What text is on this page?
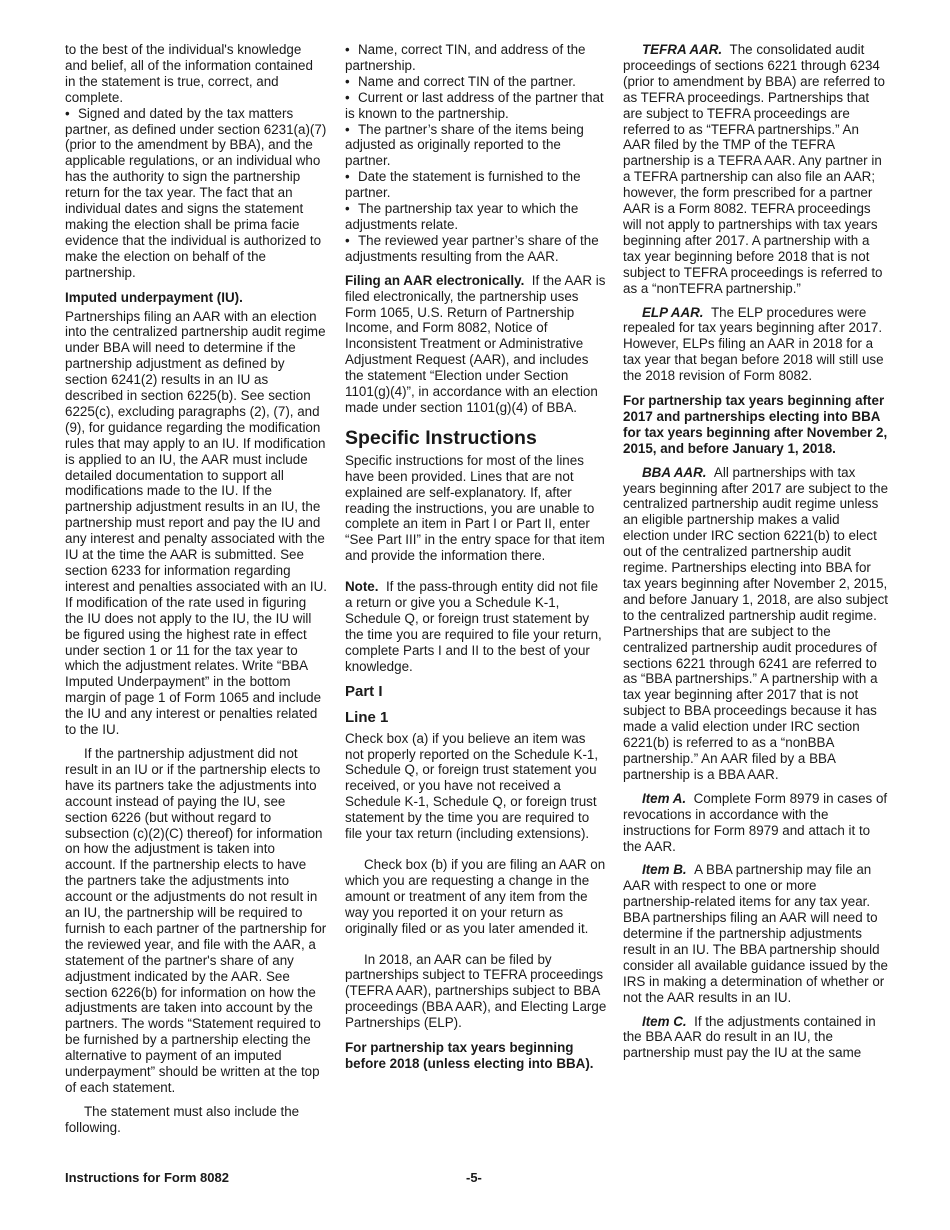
to the best of the individual's knowledge and belief, all of the information contained in the statement is true, correct, and complete.

• Signed and dated by the tax matters partner, as defined under section 6231(a)(7) (prior to the amendment by BBA), and the applicable regulations, or an individual who has the authority to sign the partnership return for the tax year. The fact that an individual dates and signs the statement making the election shall be prima facie evidence that the individual is authorized to make the election on behalf of the partnership.

Imputed underpayment (IU).

Partnerships filing an AAR with an election into the centralized partnership audit regime under BBA will need to determine if the partnership adjustment as defined by section 6241(2) results in an IU as described in section 6225(b). See section 6225(c), excluding paragraphs (2), (7), and (9), for guidance regarding the modification rules that may apply to an IU. If modification is applied to an IU, the AAR must include detailed documentation to support all modifications made to the IU. If the partnership adjustment results in an IU, the partnership must report and pay the IU and any interest and penalty associated with the IU at the time the AAR is submitted. See section 6233 for information regarding interest and penalties associated with an IU. If modification of the rate used in figuring the IU does not apply to the IU, the IU will be figured using the highest rate in effect under section 1 or 11 for the tax year to which the adjustment relates. Write “BBA Imputed Underpayment” in the bottom margin of page 1 of Form 1065 and include the IU and any interest or penalties related to the IU.

If the partnership adjustment did not result in an IU or if the partnership elects to have its partners take the adjustments into account instead of paying the IU, see section 6226 (but without regard to subsection (c)(2)(C) thereof) for information on how the adjustment is taken into account. If the partnership elects to have the partners take the adjustments into account or the adjustments do not result in an IU, the partnership will be required to furnish to each partner of the partnership for the reviewed year, and file with the AAR, a statement of the partner's share of any adjustment indicated by the AAR. See section 6226(b) for information on how the adjustments are taken into account by the partners. The words “Statement required to be furnished by a partnership electing the alternative to payment of an imputed underpayment” should be written at the top of each statement.

The statement must also include the following.

• Name, correct TIN, and address of the partnership.

• Name and correct TIN of the partner.

• Current or last address of the partner that is known to the partnership.

• The partner’s share of the items being adjusted as originally reported to the partner.

• Date the statement is furnished to the partner.

• The partnership tax year to which the adjustments relate.

• The reviewed year partner’s share of the adjustments resulting from the AAR.

Filing an AAR electronically. If the AAR is filed electronically, the partnership uses Form 1065, U.S. Return of Partnership Income, and Form 8082, Notice of Inconsistent Treatment or Administrative Adjustment Request (AAR), and includes the statement “Election under Section 1101(g)(4)”, in accordance with an election made under section 1101(g)(4) of BBA.

Specific Instructions

Specific instructions for most of the lines have been provided. Lines that are not explained are self-explanatory. If, after reading the instructions, you are unable to complete an item in Part I or Part II, enter “See Part III” in the entry space for that item and provide the information there.

Note. If the pass-through entity did not file a return or give you a Schedule K-1, Schedule Q, or foreign trust statement by the time you are required to file your return, complete Parts I and II to the best of your knowledge.

Part I
Line 1

Check box (a) if you believe an item was not properly reported on the Schedule K-1, Schedule Q, or foreign trust statement you received, or you have not received a Schedule K-1, Schedule Q, or foreign trust statement by the time you are required to file your tax return (including extensions).

Check box (b) if you are filing an AAR on which you are requesting a change in the amount or treatment of any item from the way you reported it on your return as originally filed or as you later amended it.

In 2018, an AAR can be filed by partnerships subject to TEFRA proceedings (TEFRA AAR), partnerships subject to BBA proceedings (BBA AAR), and Electing Large Partnerships (ELP).

For partnership tax years beginning before 2018 (unless electing into BBA).

TEFRA AAR. The consolidated audit proceedings of sections 6221 through 6234 (prior to amendment by BBA) are referred to as TEFRA proceedings. Partnerships that are subject to TEFRA proceedings are referred to as “TEFRA partnerships.” An AAR filed by the TMP of the TEFRA partnership is a TEFRA AAR. Any partner in a TEFRA partnership can also file an AAR; however, the form prescribed for a partner AAR is a Form 8082. TEFRA proceedings will not apply to partnerships with tax years beginning after 2017. A partnership with a tax year beginning before 2018 that is not subject to TEFRA proceedings is referred to as a “nonTEFRA partnership.”

ELP AAR. The ELP procedures were repealed for tax years beginning after 2017. However, ELPs filing an AAR in 2018 for a tax year that began before 2018 will still use the 2018 revision of Form 8082.

For partnership tax years beginning after 2017 and partnerships electing into BBA for tax years beginning after November 2, 2015, and before January 1, 2018.

BBA AAR. All partnerships with tax years beginning after 2017 are subject to the centralized partnership audit regime unless an eligible partnership makes a valid election under IRC section 6221(b) to elect out of the centralized partnership audit regime. Partnerships electing into BBA for tax years beginning after November 2, 2015, and before January 1, 2018, are also subject to the centralized partnership audit regime. Partnerships that are subject to the centralized partnership audit procedures of sections 6221 through 6241 are referred to as “BBA partnerships.” A partnership with a tax year beginning after 2017 that is not subject to BBA proceedings because it has made a valid election under IRC section 6221(b) is referred to as a “nonBBA partnership.” An AAR filed by a BBA partnership is a BBA AAR.

Item A. Complete Form 8979 in cases of revocations in accordance with the instructions for Form 8979 and attach it to the AAR.

Item B. A BBA partnership may file an AAR with respect to one or more partnership-related items for any tax year. BBA partnerships filing an AAR will need to determine if the partnership adjustments result in an IU. The BBA partnership should consider all available guidance issued by the IRS in making a determination of whether or not the AAR results in an IU.

Item C. If the adjustments contained in the BBA AAR do result in an IU, the partnership must pay the IU at the same

Instructions for Form 8082	-5-
